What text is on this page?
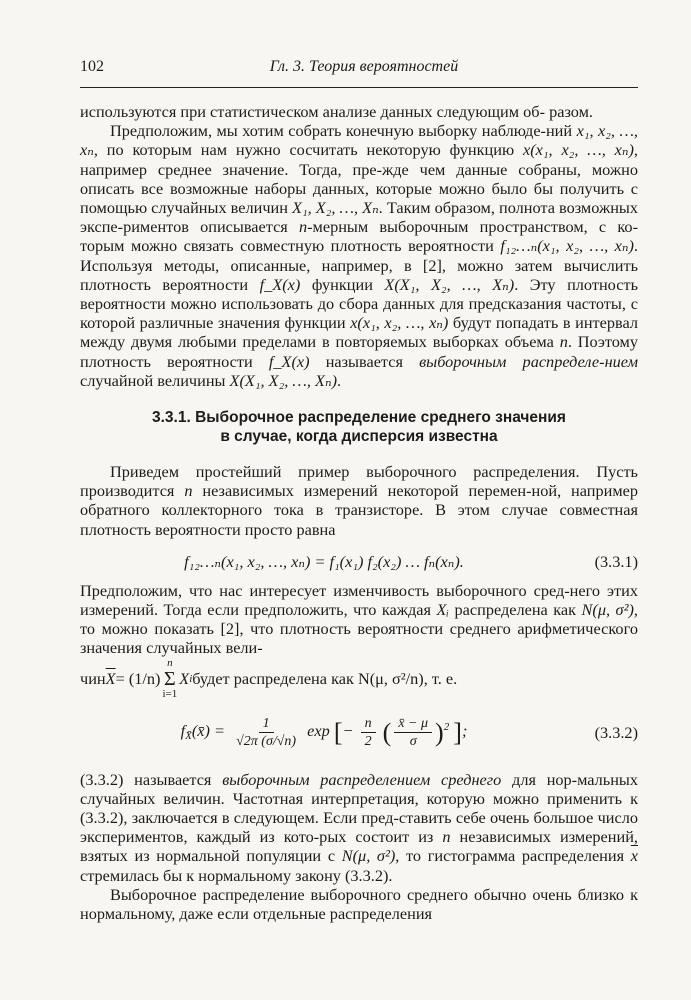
102	Гл. 3. Теория вероятностей

используются при статистическом анализе данных следующим об- разом.

Предположим, мы хотим собрать конечную выборку наблюде-ний x₁, x₂, …, xₙ, по которым нам нужно сосчитать некоторую функцию x(x₁, x₂, …, xₙ), например среднее значение. Тогда, пре-жде чем данные собраны, можно описать все возможные наборы данных, которые можно было бы получить с помощью случайных величин X₁, X₂, …, Xₙ. Таким образом, полнота возможных экспе-риментов описывается n-мерным выборочным пространством, с ко-торым можно связать совместную плотность вероятности f₁₂…ₙ(x₁, x₂, …, xₙ). Используя методы, описанные, например, в [2], можно затем вычислить плотность вероятности f_X(x) функции X(X₁, X₂, …, Xₙ). Эту плотность вероятности можно использовать до сбора данных для предсказания частоты, с которой различные значения функции x(x₁, x₂, …, xₙ) будут попадать в интервал между двумя любыми пределами в повторяемых выборках объема n. Поэтому плотность вероятности f_X(x) называется выборочным распределе-нием случайной величины X(X₁, X₂, …, Xₙ).

3.3.1. Выборочное распределение среднего значения
в случае, когда дисперсия известна

Приведем простейший пример выборочного распределения. Пусть производится n независимых измерений некоторой перемен-ной, например обратного коллекторного тока в транзисторе. В этом случае совместная плотность вероятности просто равна

f₁₂…ₙ(x₁, x₂, …, xₙ) = f₁(x₁) f₂(x₂) … fₙ(xₙ).	(3.3.1)

Предположим, что нас интересует изменчивость выборочного сред-него этих измерений. Тогда если предположить, что каждая Xᵢ распределена как N(μ, σ²), то можно показать [2], что плотность вероятности среднего арифметического значения случайных вели-

чин $\overline{X} = (1/n)$
n
Σ
i=1
X i будет распределена как N(μ, σ²/n), т. е.
$f_{X̄}(x̄) = \frac{1}{√2\pi (\sigma/√n)}$ exp [− $\frac{n}{2}$ ( $\frac{x̄ - \mu}{\sigma} )^2$ ];	(3.3.2)

(3.3.2) называется выборочным распределением среднего для нор-мальных случайных величин. Частотная интерпретация, которую можно применить к (3.3.2), заключается в следующем. Если пред-ставить себе очень большое число экспериментов, каждый из кото-рых состоит из n независимых измерений, взятых из нормальной популяции с N(μ, σ²), то гистограмма распределения $\overline{x}$ стремилась бы к нормальному закону (3.3.2).

Выборочное распределение выборочного среднего обычно очень близко к нормальному, даже если отдельные распределения
